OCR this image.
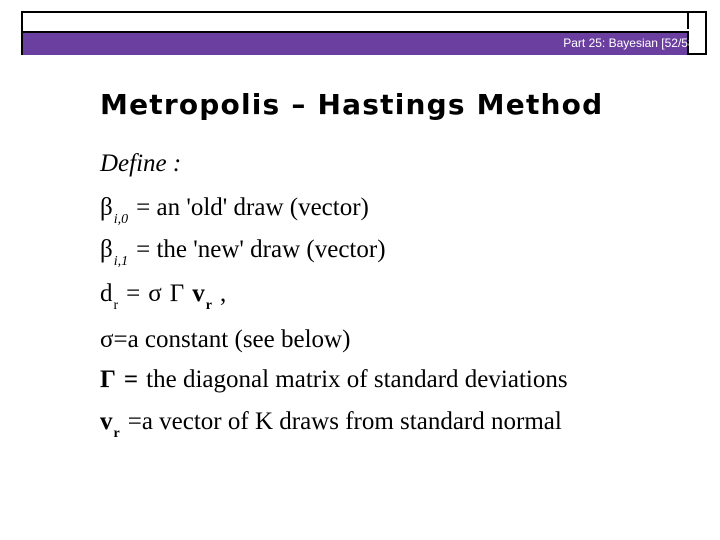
Part 25: Bayesian [52/58]
Metropolis – Hastings Method
Define :
$\beta_{i,0}$ = an 'old' draw (vector)
$\beta_{i,1}$ = the 'new' draw (vector)
$d_r = \sigma$ Γ $v_r$ ,
σ=a constant (see below)
Γ = the diagonal matrix of standard deviations
$v_r =a$ vector of K draws from standard normal
